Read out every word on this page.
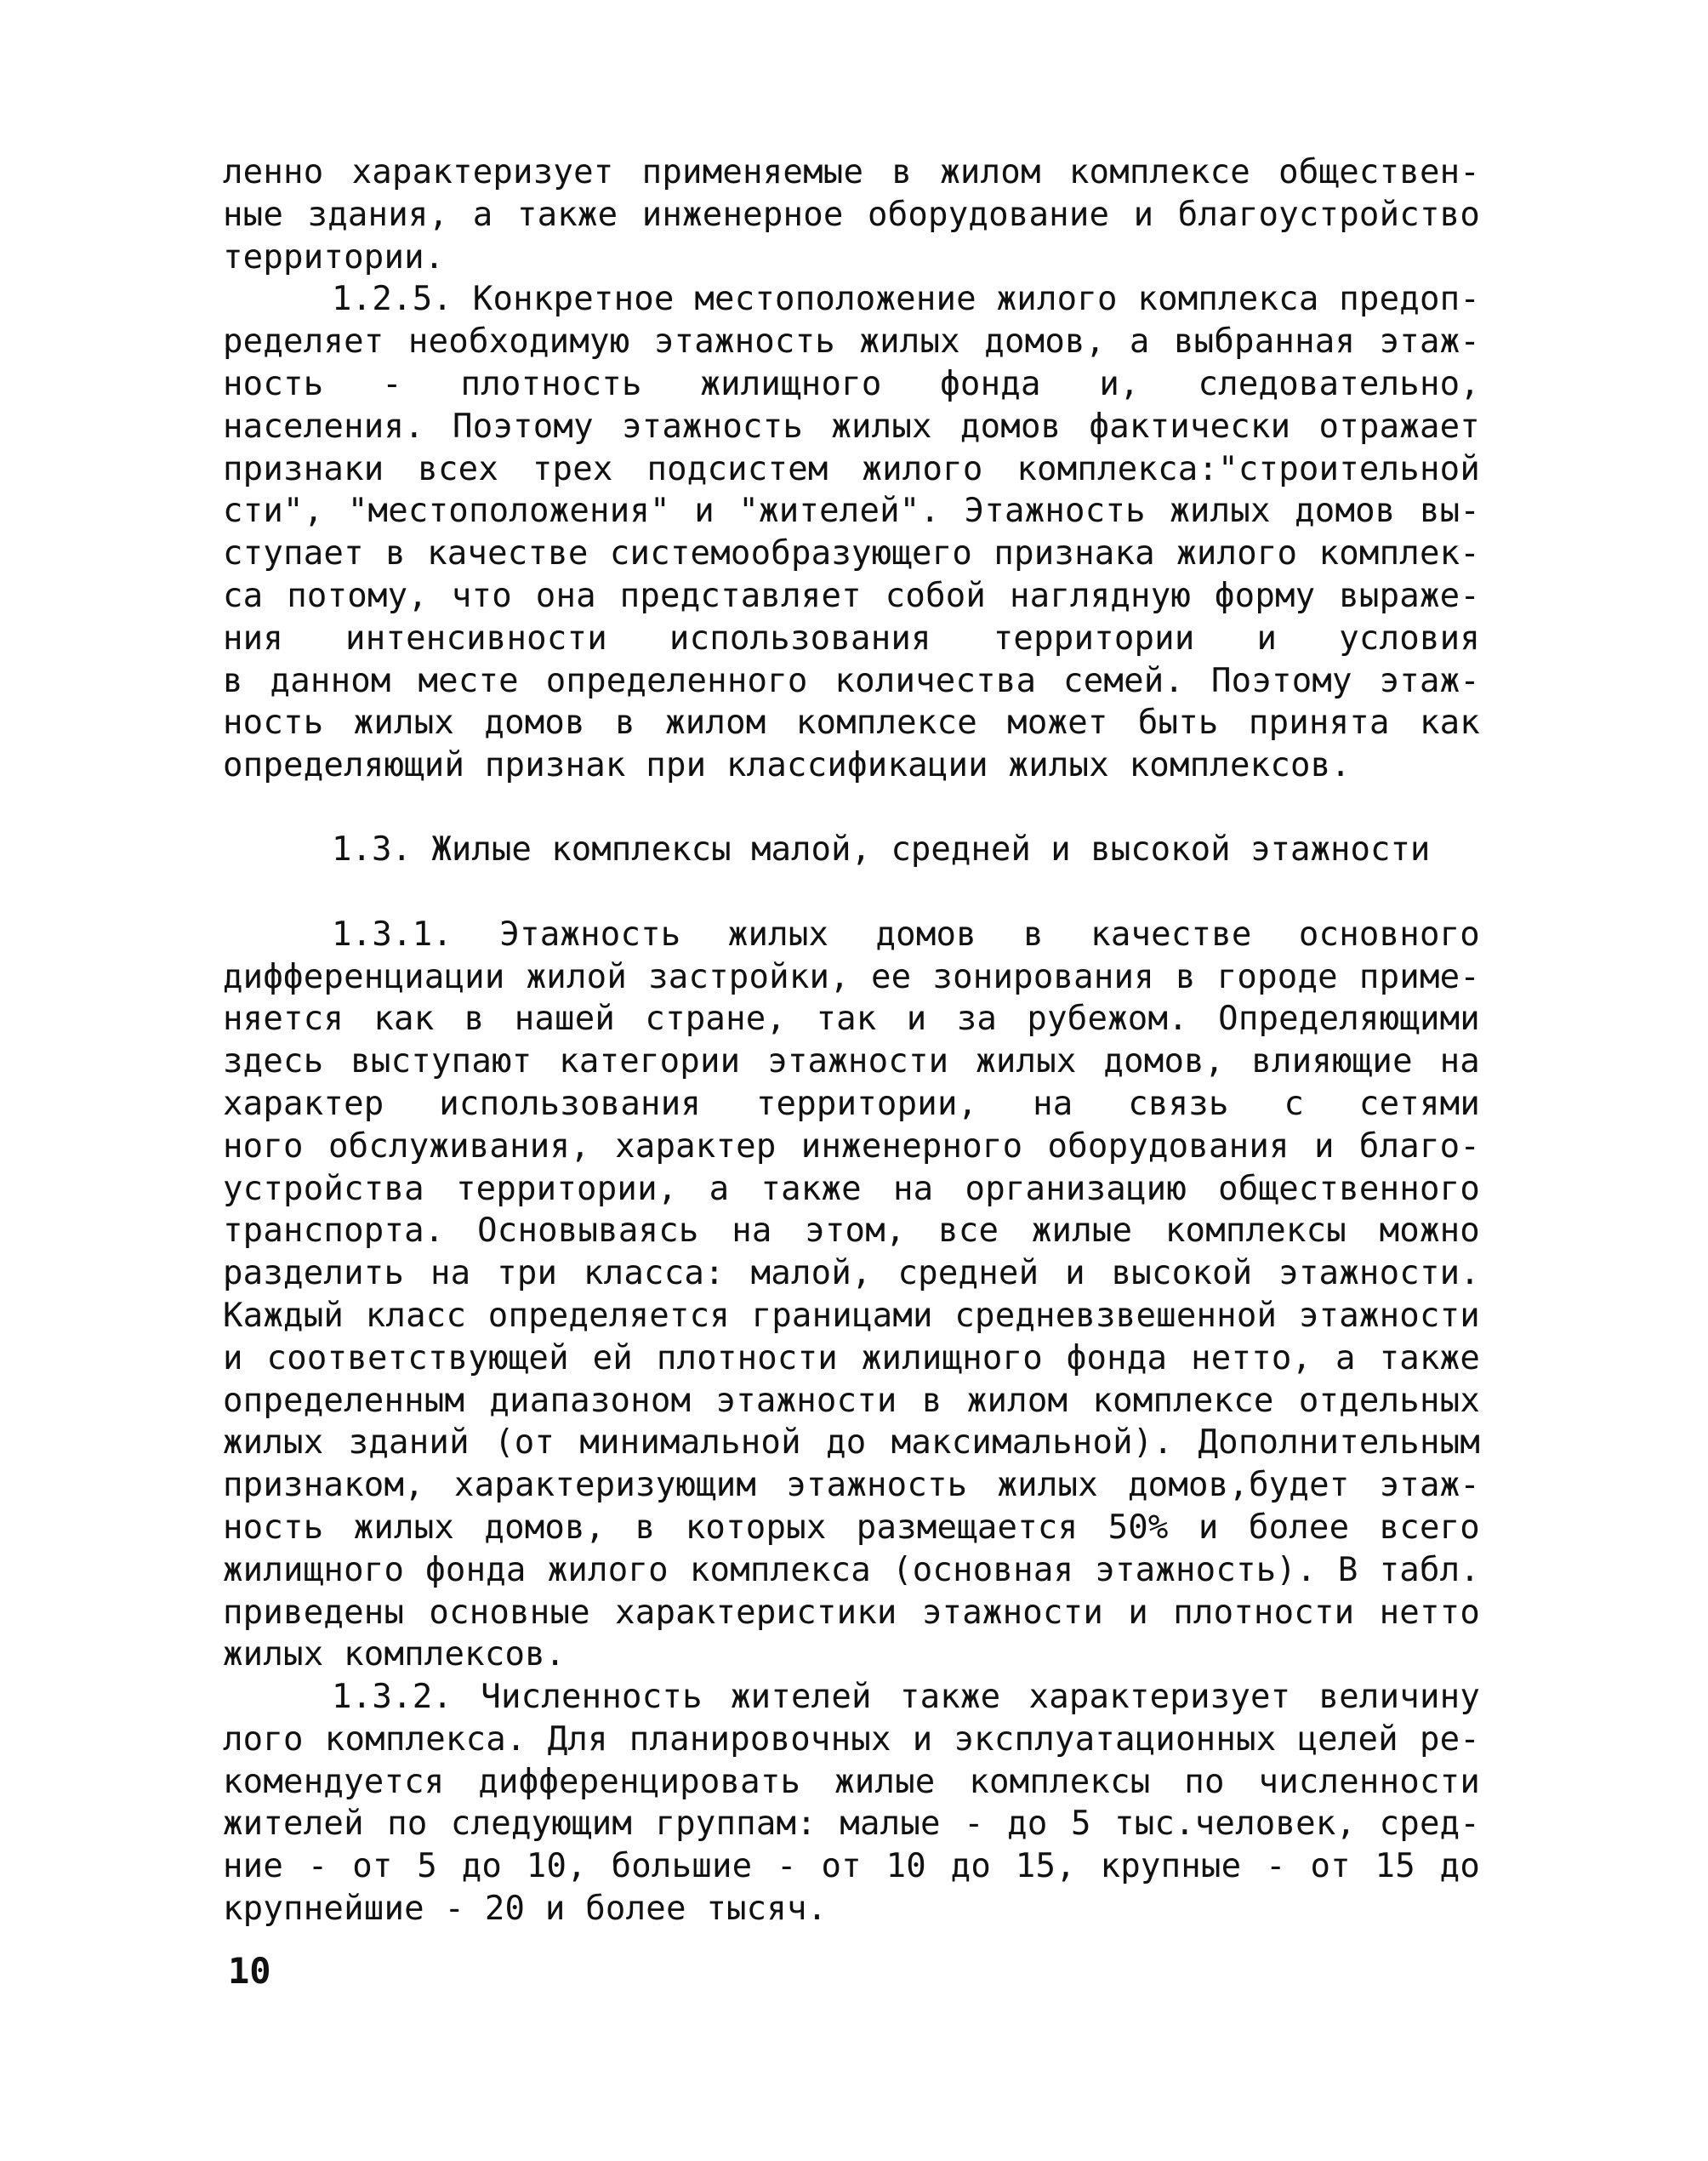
ленно характеризует применяемые в жилом комплексе обществен-
ные здания, а также инженерное оборудование и благоустройство
территории.
1.2.5. Конкретное местоположение жилого комплекса предоп-
ределяет необходимую этажность жилых домов, а выбранная этаж-
ность - плотность жилищного фонда и, следовательно,
населения. Поэтому этажность жилых домов фактически отражает
признаки всех трех подсистем жилого комплекса:"строительной
сти", "местоположения" и "жителей". Этажность жилых домов вы-
ступает в качестве системообразующего признака жилого комплек-
са потому, что она представляет собой наглядную форму выраже-
ния интенсивности использования территории и условия
в данном месте определенного количества семей. Поэтому этаж-
ность жилых домов в жилом комплексе может быть принята как
определяющий признак при классификации жилых комплексов.
1.3. Жилые комплексы малой, средней и высокой этажности
1.3.1. Этажность жилых домов в качестве основного
дифференциации жилой застройки, ее зонирования в городе приме-
няется как в нашей стране, так и за рубежом. Определяющими
здесь выступают категории этажности жилых домов, влияющие на
характер использования территории, на связь с сетями
ного обслуживания, характер инженерного оборудования и благо-
устройства территории, а также на организацию общественного
транспорта. Основываясь на этом, все жилые комплексы можно
разделить на три класса: малой, средней и высокой этажности.
Каждый класс определяется границами средневзвешенной этажности
и соответствующей ей плотности жилищного фонда нетто, а также
определенным диапазоном этажности в жилом комплексе отдельных
жилых зданий (от минимальной до максимальной). Дополнительным
признаком, характеризующим этажность жилых домов,будет этаж-
ность жилых домов, в которых размещается 50% и более всего
жилищного фонда жилого комплекса (основная этажность). В табл.
приведены основные характеристики этажности и плотности нетто
жилых комплексов.
1.3.2. Численность жителей также характеризует величину
лого комплекса. Для планировочных и эксплуатационных целей ре-
комендуется дифференцировать жилые комплексы по численности
жителей по следующим группам: малые - до 5 тыс.человек, сред-
ние - от 5 до 10, большие - от 10 до 15, крупные - от 15 до
крупнейшие - 20 и более тысяч.
10
